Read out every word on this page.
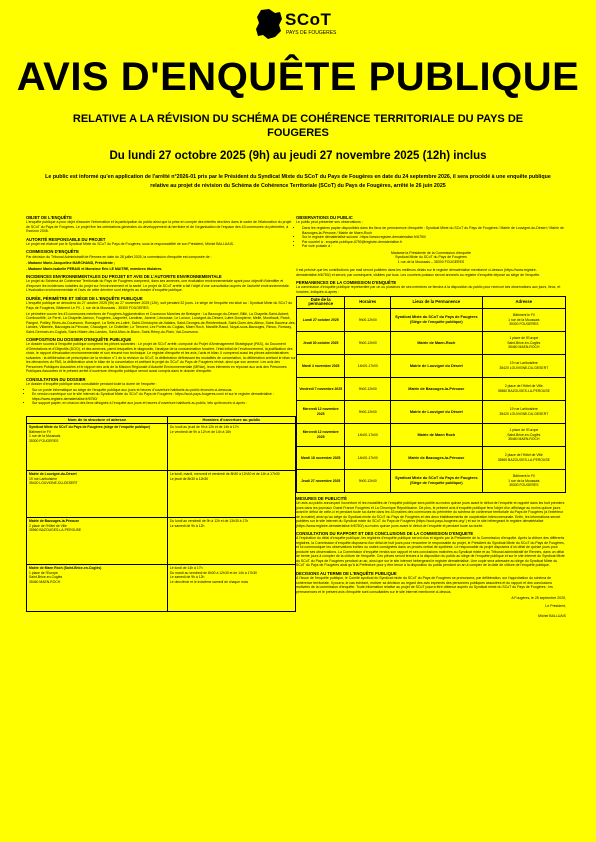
SCoT
PAYS DE FOUGERES
AVIS D'ENQUÊTE PUBLIQUE
RELATIVE A LA RÉVISION DU SCHÉMA DE COHÉRENCE TERRITORIALE DU PAYS DE FOUGERES
Du lundi 27 octobre 2025 (9h) au jeudi 27 novembre 2025 (12h) inclus
Le public est informé qu'en application de l'arrêté n°2026-01 pris par le Président du Syndicat Mixte du SCoT du Pays de Fougères en date du 24 septembre 2026, il sera procédé à une enquête publique relative au projet de révision du Schéma de Cohérence Territoriale (SCoT) du Pays de Fougères, arrêté le 26 juin 2025
OBJET DE L'ENQUÊTE

L'enquête publique a pour objet d'assurer l'information et la participation du public ainsi que la prise en compte des intérêts des tiers dans le cadre de l'élaboration du projet de SCoT du Pays de Fougères. Le projet fixe les orientations générales du développement du territoire et de l'organisation de l'espace des 43 communes du périmètre, à l'horizon 2045.

AUTORITÉ RESPONSABLE DU PROJET

Le projet est élaboré par le Syndicat Mixte du SCoT du Pays de Fougères, sous la responsabilité de son Président, Michel BALLUAIS.

COMMISSION D'ENQUÊTE

Par décision du Tribunal Administratif de Rennes en date du 28 juillet 2025, la commission d'enquête est composée de :

- Madame Marie-Jacqueline MARCHAND, Présidente ;

- Madame Marie-Isabelle PERAIS et Monsieur Eric LE MAITRE, membres titulaires.

INCIDENCES ENVIRONNEMENTALES DU PROJET ET AVIS DE L'AUTORITE ENVIRONNEMENTALE

Le projet du Schéma de Cohérence Territoriale du Pays de Fougères comprend, dans ses annexes, une évaluation environnementale ayant pour objectif d'identifier et d'exposer les incidences notables du projet sur l'environnement et la santé. Le projet de SCoT arrêté a fait l'objet d'une consultation auprès de l'autorité environnementale. L'évaluation environnementale et l'avis de cette dernière sont intégrés au dossier d'enquête publique.

DURÉE, PÉRIMÈTRE ET SIÈGE DE L'ENQUÊTE PUBLIQUE

L'enquête publique se déroulera du 27 octobre 2025 (9h) au 27 novembre 2025 (12h), soit pendant 32 jours. Le siège de l'enquête est situé au : Syndicat Mixte du SCoT du Pays de Fougères, Bâtiment Le Fil - 1 rue de la Moussais - 35300 FOUGERES.

Le périmètre couvre les 43 communes membres de Fougères Agglomération et Couesnon Marches de Bretagne : La Bazouge-du-Désert, Billé, La Chapelle-Saint-Aubert, Combourtillé, Le Ferré, La Chapelle-Janson, Fougères, Laignelet, Landéan, Javené, Lécousse, Le Loroux, Louvigné-du-Désert, Luitré-Dompierre, Mellé, Monthault, Parcé, Parigné, Poilley, Rives-du-Couesnon, Romagné, La Selle-en-Luitré, Saint-Christophe-de-Valains, Saint-Georges-de-Reintembault, Saint-Ouen-des-Alleux, Saint-Sauveur-des-Landes, Villamée, Bazouges-la-Pérouse, Chauvigné, Le Châtellier, Le Tiercent, Les Portes du Coglais, Maen Roch, Marcillé-Raoul, Noyal-sous-Bazouges, Rimou, Romazy, Saint-Germain-en-Coglais, Saint-Hilaire-des-Landes, Saint-Marc-le-Blanc, Saint-Rémy-du-Plain, Val-Couesnon.

COMPOSITION DU DOSSIER D'ENQUÊTE PUBLIQUE

Le dossier soumis à l'enquête publique comprend les pièces suivantes : Le projet de SCoT arrêté, composé du Projet d'Aménagement Stratégique (PAS), du Document d'Orientations et d'Objectifs (DOO), et des annexes, parmi lesquelles le diagnostic, l'analyse de la consommation foncière, l'état initial de l'environnement, la justification des choix, le rapport d'évaluation environnementale et son résumé non technique. Le registre d'enquête et les avis, l'avis et bilan. Il comprend aussi les pièces administratives suivantes : la délibération de prescription de la révision n°1 de la révision du SCoT, la délibération définissant les modalités de concertation, la délibération arrêtant le bilan sur les démarches du PAS, la délibération ainsi le bilan de la concertation et arrêtant le projet du SCoT du Pays de Fougères révisé, ainsi que son annexe. Les avis des Personnes Publiques Associées et le rapport des avis de la Mission Régionale d'Autorité Environnementale (MRAe), leurs éléments en réponse aux avis des Personnes Publiques Associées et le présent arrêté d'ouverture d'enquête publique seront aussi compris dans le dossier d'enquête.

CONSULTATION DU DOSSIER

Le dossier d'enquête publique sera consultable pendant toute la durée de l'enquête :

• Sur un poste informatique au siège de l'enquête publique aux jours et heures d'ouverture habituels au public énoncés ci-dessous.
• En version numérique sur le site internet du Syndicat Mixte du SCoT du Pays de Fougères : https://scot-pays-fougeres.com/ et sur le registre dématérialisé : https://www.registre-dematerialise.fr/6750/
• Sur support papier, en chacun des lieux désignés à l'enquête aux jours et heures d'ouverture habituels au public, tels qu'énoncés ci-après :
Nom de la structure et adresse	Horaires d'ouverture au public

Syndicat Mixte du SCoT du Pays de Fougères (siège de l'enquête publique)
Bâtiment le Fil
1 rue de la Moussais
35300 FOUGERES	Du lundi au jeudi de 9h à 12h et de 14h à 17h
Le vendredi de 9h à 12h et de 14h à 16h

Mairie de Louvigné-du-Désert
19 rue Lariboisière
35420 LOUVIGNE-DU-DESERT	Le lundi, mardi, mercredi et vendredi de 8h30 à 12h30 et de 14h à 17h30
Le jeudi de 8h30 à 12h30

Mairie de Bazouges-la-Pérouse
2 place de l'Hôtel de Ville
35560 BAZOUGES-LA-PEROUSE	Du lundi au vendredi de 9h à 12h et de 13h30 à 17h
Le samedi de 9h à 12h

Mairie de Maen Roch (Saint-Brice-en-Coglès)
1 place de l'Europe
Saint-Brice-en-Coglès
35460 MAEN-ROCH	Le lundi de 14h à 17h
Du mardi au vendredi de 8h30 à 12h30 et de 14h à 17h30
Le samedi de 9h à 12h
Le deuxième et le troisième samedi de chaque mois
OBSERVATIONS DU PUBLIC

Le public peut présenter ses observations :

• Dans les registres papier disponibles dans les lieux de permanence d'enquête : Syndicat Mixte du SCoT du Pays de Fougères / Mairie de Louvigné-du-Désert / Mairie de Bazouges-la-Pérouse / Mairie de Maen-Roch
• Sur le registre dématérialisé suivant : https://www.registre-dematerialise.fr/6750/
• Par courriel à : enquete-publique-6750@registre-dematerialise.fr
• Par voie postale à :
Madame la Présidente de la Commission d'enquête
Syndicat Mixte du SCoT du Pays de Fougères
1 rue de la Moussais – 35300 FOUGERES

Il est précisé que les contributions par mail seront publiées dans les meilleurs délais sur le registre dématérialisé mentionné ci-dessus (https://www.registre-dematerialise.fr/6750/) et seront, par conséquent, visibles par tous. Les courriers postaux seront annexés au registre d'enquête déposé au siège de l'enquête.

PERMANENCES DE LA COMMISSION D'ENQUÊTE

La commission d'enquête publique représentée par un ou plusieurs de ses membres se tiendra à la disposition du public pour recevoir ses observations aux jours, lieux, et horaires, indiqués ci-après :

Date de la permanence	Horaires	Lieux de la Permanence	Adresse
Lundi 27 octobre 2025	9h00-12h00	Syndicat Mixte du SCoT du Pays de Fougères (Siège de l'enquête publique)	Bâtiment le Fil
1 rue de la Moussais
35300 FOUGERES
Jeudi 30 octobre 2025	9h00-12h00	Mairie de Maen-Roch	1 place de l'Europe
Saint-Brice-en-Coglès
35460 MAEN-ROCH
Mardi 4 novembre 2025	14h00-17h00	Mairie de Louvigné du Désert	19 rue Lariboisière
35420 LOUVIGNE-DU-DESERT
Vendredi 7 novembre 2025	9h00-12h00	Mairie de Bazouges-la-Pérouse	2 place de l'Hôtel de Ville
35560 BAZOUGES-LA-PEROUSE
Mercredi 12 novembre 2025	9h00-12h00	Mairie de Louvigné du Désert	19 rue Lariboisière
35420 LOUVIGNE-DU-DESERT
Mercredi 12 novembre 2025	14h00-17h00	Mairie de Maen Roch	1 place de l'Europe
Saint-Brice-en-Coglès
35460 MAEN-ROCH
Mardi 18 novembre 2025	14h00-17h00	Mairie de Bazouges-la-Pérouse	2 place de l'Hôtel de Ville
35560 BAZOUGES-LA-PEROUSE
Jeudi 27 novembre 2025	9h00-12h00	Syndicat Mixte du SCoT du Pays de Fougères (Siège de l'enquête publique)	Bâtiment le Fil
1 rue de la Moussais
35300 FOUGERES
MESURES DE PUBLICITÉ

Un avis au public annonçant l'ouverture et les modalités de l'enquête publique sera publié au moins quinze jours avant le début de l'enquête et rappelé dans les huit premiers jours dans les journaux Ouest France Fougères et La Chronique Républicaine. De plus, le présent avis d'enquête publique fera l'objet d'un affichage au moins quinze jours avant le début de celle-ci et pendant toute sa durée dans les 43 mairies des communes du périmètre du schéma de cohérence territoriale du Pays de Fougères (à l'extérieur de la mairie) ainsi qu'au siège du Syndicat mixte du SCoT du Pays de Fougères et des deux établissements de coopération intercommunale. Enfin, les informations seront publiées sur le site internet du Syndicat mixte du SCoT du Pays de Fougères (https://scot-pays-fougeres.org/ ) et sur le site hébergeant le registre dématérialisé (https://www.registre-dematerialise.fr/6750/) au moins quinze jours avant le début de l'enquête et pendant toute sa durée.

CONSULTATION DU RAPPORT ET DES CONCLUSIONS DE LA COMMISSION D'ENQUETE

À l'expiration du délai d'enquête publique, les registres d'enquête publique seront clos et signés par la Présidente de la Commission d'enquête. Après la clôture des différents registres, la Commission d'enquête disposera d'un délai de huit jours pour rencontrer le responsable du projet, le Président du Syndicat Mixte du SCoT du Pays de Fougères, et lui communiquer les observations écrites ou orales consignées dans un procès-verbal de synthèse. Le responsable du projet disposera d'un délai de quinze jours pour produire ses observations. La Commission d'enquête rendra son rapport et ses conclusions motivées au Syndicat mixte et au Tribunal administratif de Rennes, dans un délai de trente jours à compter de la clôture de l'enquête. Ces pièces seront tenues à la disposition du public au siège de l'enquête publique et sur le site internet du Syndicat Mixte du SCoT du Pays de Fougères pendant un an, ainsi que sur le site internet hébergeant le registre dématérialisé. Une copie sera adressée au siège du Syndicat Mixte du SCoT du Pays de Fougères ainsi qu'à la Préfecture pour y être tenue à la disposition du public pendant un an à compter de la date de clôture de l'enquête publique.

DECISIONS AU TERME DE L'ENQUÊTE PUBLIQUE

À l'issue de l'enquête publique, le Comité syndical du Syndicat mixte du SCoT du Pays de Fougères se prononcera, par délibération, sur l'approbation du schéma de cohérence territoriale. Il pourra, le cas échéant, motiver sa décision au regard des avis exprimés des personnes publiques associées et du rapport et des conclusions motivées de la commission d'enquête. Toute information relative au projet de SCoT pourra être obtenue auprès du Syndicat mixte du SCoT du Pays de Fougères ; les permanences et le présent avis d'enquête sont consultables sur le site internet mentionné ci-dessus.

A Fougères, le 25 septembre 2025,
Le Président,
Michel BALLUAIS
